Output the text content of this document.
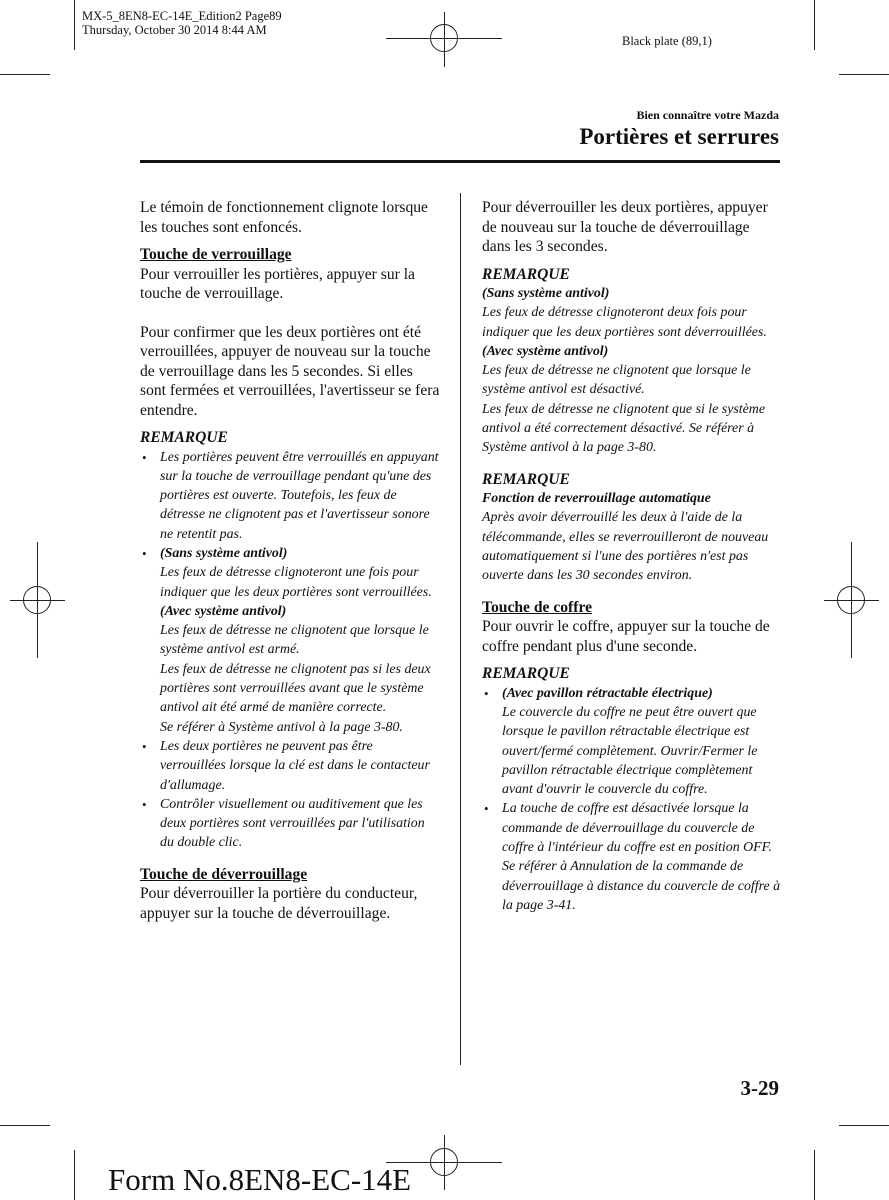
MX-5_8EN8-EC-14E_Edition2 Page89
Thursday, October 30 2014 8:44 AM
Black plate (89,1)
Bien connaître votre Mazda
Portières et serrures

Le témoin de fonctionnement clignote lorsque les touches sont enfoncés.

Touche de verrouillage

Pour verrouiller les portières, appuyer sur la touche de verrouillage.

Pour confirmer que les deux portières ont été verrouillées, appuyer de nouveau sur la touche de verrouillage dans les 5 secondes. Si elles sont fermées et verrouillées, l'avertisseur se fera entendre.

REMARQUE

• Les portières peuvent être verrouillés en appuyant sur la touche de verrouillage pendant qu'une des portières est ouverte. Toutefois, les feux de détresse ne clignotent pas et l'avertisseur sonore ne retentit pas.
• (Sans système antivol)
Les feux de détresse clignoteront une fois pour indiquer que les deux portières sont verrouillées.
(Avec système antivol)
Les feux de détresse ne clignotent que lorsque le système antivol est armé.
Les feux de détresse ne clignotent pas si les deux portières sont verrouillées avant que le système antivol ait été armé de manière correcte.
Se référer à Système antivol à la page 3-80.
• Les deux portières ne peuvent pas être verrouillées lorsque la clé est dans le contacteur d'allumage.
• Contrôler visuellement ou auditivement que les deux portières sont verrouillées par l'utilisation du double clic.

Touche de déverrouillage

Pour déverrouiller la portière du conducteur, appuyer sur la touche de déverrouillage.

Pour déverrouiller les deux portières, appuyer de nouveau sur la touche de déverrouillage dans les 3 secondes.

REMARQUE

(Sans système antivol)
Les feux de détresse clignoteront deux fois pour indiquer que les deux portières sont déverrouillées.
(Avec système antivol)
Les feux de détresse ne clignotent que lorsque le système antivol est désactivé.
Les feux de détresse ne clignotent que si le système antivol a été correctement désactivé. Se référer à Système antivol à la page 3-80.

REMARQUE

Fonction de reverrouillage automatique
Après avoir déverrouillé les deux à l'aide de la télécommande, elles se reverrouilleront de nouveau automatiquement si l'une des portières n'est pas ouverte dans les 30 secondes environ.

Touche de coffre

Pour ouvrir le coffre, appuyer sur la touche de coffre pendant plus d'une seconde.

REMARQUE

• (Avec pavillon rétractable électrique)
Le couvercle du coffre ne peut être ouvert que lorsque le pavillon rétractable électrique est ouvert/fermé complètement. Ouvrir/Fermer le pavillon rétractable électrique complètement avant d'ouvrir le couvercle du coffre.
• La touche de coffre est désactivée lorsque la commande de déverrouillage du couvercle de coffre à l'intérieur du coffre est en position OFF. Se référer à Annulation de la commande de déverrouillage à distance du couvercle de coffre à la page 3-41.
3-29
Form No.8EN8-EC-14E
